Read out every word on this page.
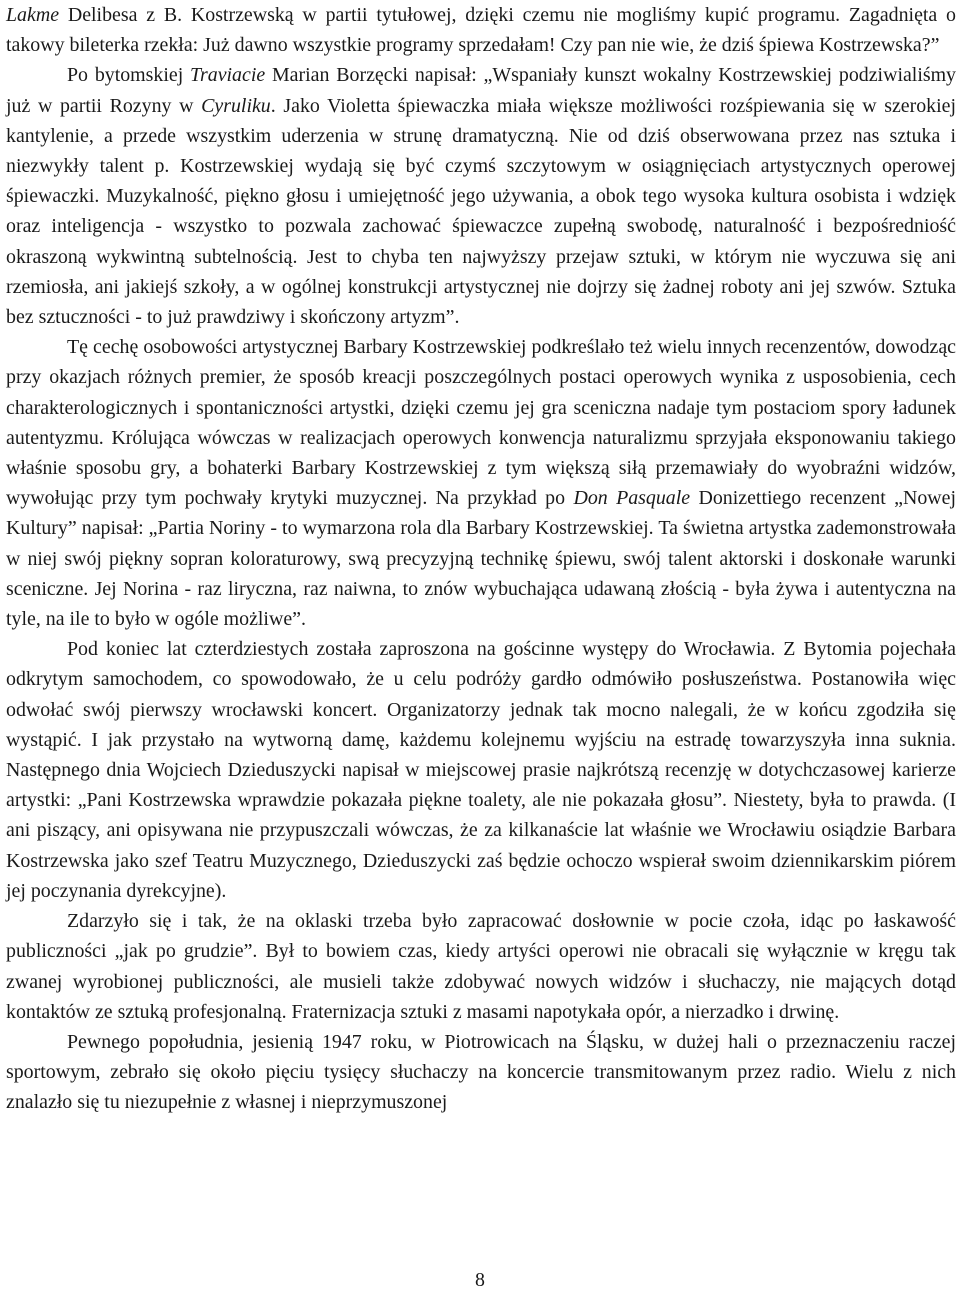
Lakme Delibesa z B. Kostrzewską w partii tytułowej, dzięki czemu nie mogliśmy kupić programu. Zagadnięta o takowy bileterka rzekła: Już dawno wszystkie programy sprzedałam! Czy pan nie wie, że dziś śpiewa Kostrzewska?”

Po bytomskiej Traviacie Marian Borzęcki napisał: „Wspaniały kunszt wokalny Kostrzewskiej podziwialiśmy już w partii Rozyny w Cyruliku. Jako Violetta śpiewaczka miała większe możliwości rozśpiewania się w szerokiej kantylenie, a przede wszystkim uderzenia w strunę dramatyczną. Nie od dziś obserwowana przez nas sztuka i niezwykły talent p. Kostrzewskiej wydają się być czymś szczytowym w osiągnięciach artystycznych operowej śpiewaczki. Muzykalność, piękno głosu i umiejętność jego używania, a obok tego wysoka kultura osobista i wdzięk oraz inteligencja - wszystko to pozwala zachować śpiewaczce zupełną swobodę, naturalność i bezpośredniość okraszoną wykwintną subtelnością. Jest to chyba ten najwyższy przejaw sztuki, w którym nie wyczuwa się ani rzemiosła, ani jakiejś szkoły, a w ogólnej konstrukcji artystycznej nie dojrzy się żadnej roboty ani jej szwów. Sztuka bez sztuczności - to już prawdziwy i skończony artyzm”.

Tę cechę osobowości artystycznej Barbary Kostrzewskiej podkreślało też wielu innych recenzentów, dowodząc przy okazjach różnych premier, że sposób kreacji poszczególnych postaci operowych wynika z usposobienia, cech charakterologicznych i spontaniczności artystki, dzięki czemu jej gra sceniczna nadaje tym postaciom spory ładunek autentyzmu. Królująca wówczas w realizacjach operowych konwencja naturalizmu sprzyjała eksponowaniu takiego właśnie sposobu gry, a bohaterki Barbary Kostrzewskiej z tym większą siłą przemawiały do wyobraźni widzów, wywołując przy tym pochwały krytyki muzycznej. Na przykład po Don Pasquale Donizettiego recenzent „Nowej Kultury” napisał: „Partia Noriny - to wymarzona rola dla Barbary Kostrzewskiej. Ta świetna artystka zademonstrowała w niej swój piękny sopran koloraturowy, swą precyzyjną technikę śpiewu, swój talent aktorski i doskonałe warunki sceniczne. Jej Norina - raz liryczna, raz naiwna, to znów wybuchająca udawaną złością - była żywa i autentyczna na tyle, na ile to było w ogóle możliwe”.

Pod koniec lat czterdziestych została zaproszona na gościnne występy do Wrocławia. Z Bytomia pojechała odkrytym samochodem, co spowodowało, że u celu podróży gardło odmówiło posłuszeństwa. Postanowiła więc odwołać swój pierwszy wrocławski koncert. Organizatorzy jednak tak mocno nalegali, że w końcu zgodziła się wystąpić. I jak przystało na wytworną damę, każdemu kolejnemu wyjściu na estradę towarzyszyła inna suknia. Następnego dnia Wojciech Dzieduszycki napisał w miejscowej prasie najkrótszą recenzję w dotychczasowej karierze artystki: „Pani Kostrzewska wprawdzie pokazała piękne toalety, ale nie pokazała głosu”. Niestety, była to prawda. (I ani piszący, ani opisywana nie przypuszczali wówczas, że za kilkanaście lat właśnie we Wrocławiu osiądzie Barbara Kostrzewska jako szef Teatru Muzycznego, Dzieduszycki zaś będzie ochoczo wspierał swoim dziennikarskim piórem jej poczynania dyrekcyjne).

Zdarzyło się i tak, że na oklaski trzeba było zapracować dosłownie w pocie czoła, idąc po łaskawość publiczności „jak po grudzie”. Był to bowiem czas, kiedy artyści operowi nie obracali się wyłącznie w kręgu tak zwanej wyrobionej publiczności, ale musieli także zdobywać nowych widzów i słuchaczy, nie mających dotąd kontaktów ze sztuką profesjonalną. Fraternizacja sztuki z masami napotykała opór, a nierzadko i drwinę.

Pewnego popołudnia, jesienią 1947 roku, w Piotrowicach na Śląsku, w dużej hali o przeznaczeniu raczej sportowym, zebrało się około pięciu tysięcy słuchaczy na koncercie transmitowanym przez radio. Wielu z nich znalazło się tu niezupełnie z własnej i nieprzymuszonej

8
